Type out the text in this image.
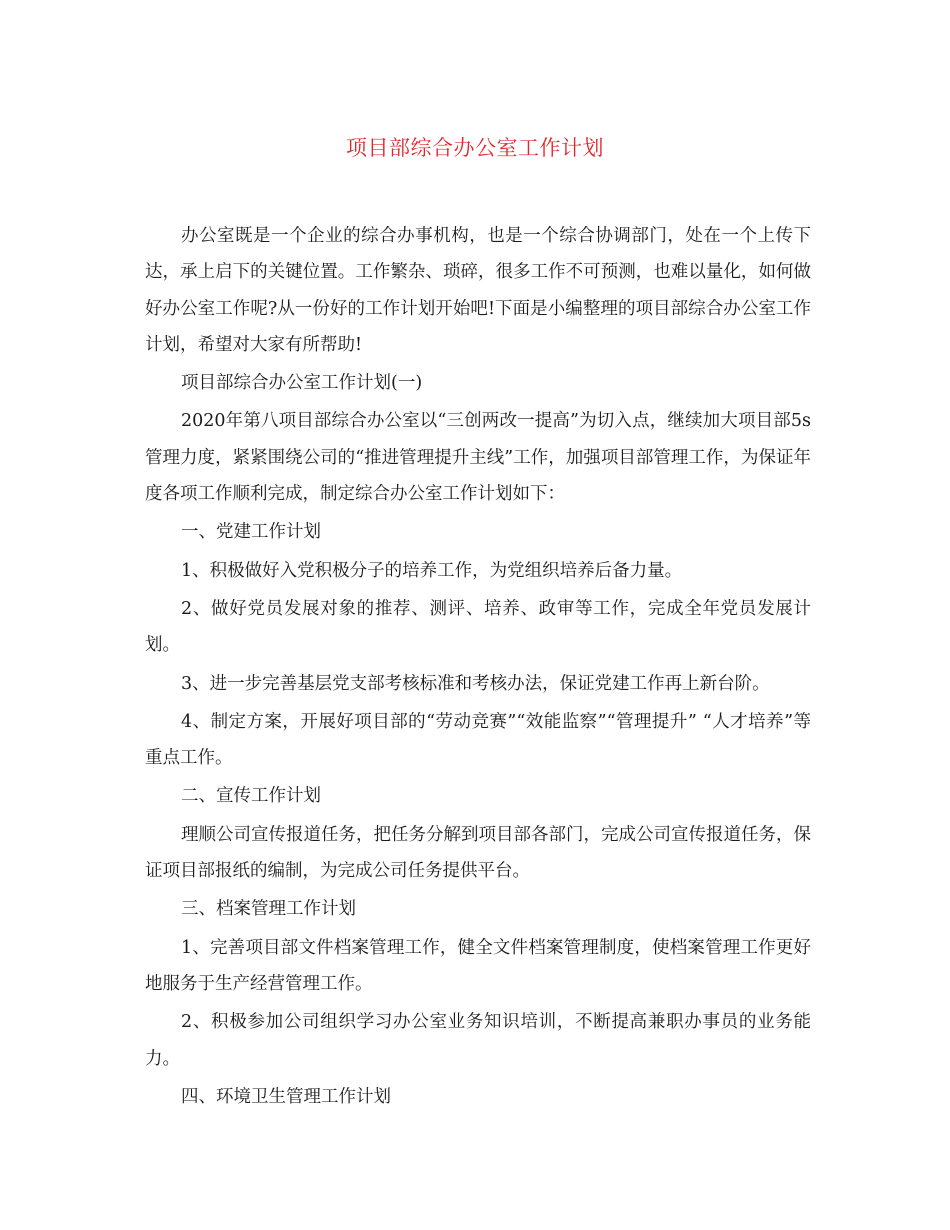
项目部综合办公室工作计划

办公室既是一个企业的综合办事机构，也是一个综合协调部门，处在一个上传下达，承上启下的关键位置。工作繁杂、琐碎，很多工作不可预测，也难以量化，如何做好办公室工作呢?从一份好的工作计划开始吧!下面是小编整理的项目部综合办公室工作计划，希望对大家有所帮助!

项目部综合办公室工作计划(一)

2020年第八项目部综合办公室以“三创两改一提高”为切入点，继续加大项目部5s管理力度，紧紧围绕公司的“推进管理提升主线”工作，加强项目部管理工作，为保证年度各项工作顺利完成，制定综合办公室工作计划如下：

一、党建工作计划

1、积极做好入党积极分子的培养工作，为党组织培养后备力量。

2、做好党员发展对象的推荐、测评、培养、政审等工作，完成全年党员发展计划。

3、进一步完善基层党支部考核标准和考核办法，保证党建工作再上新台阶。

4、制定方案，开展好项目部的“劳动竞赛”“效能监察”“管理提升” “人才培养”等重点工作。

二、宣传工作计划

理顺公司宣传报道任务，把任务分解到项目部各部门，完成公司宣传报道任务，保证项目部报纸的编制，为完成公司任务提供平台。

三、档案管理工作计划

1、完善项目部文件档案管理工作，健全文件档案管理制度，使档案管理工作更好地服务于生产经营管理工作。

2、积极参加公司组织学习办公室业务知识培训，不断提高兼职办事员的业务能力。

四、环境卫生管理工作计划
